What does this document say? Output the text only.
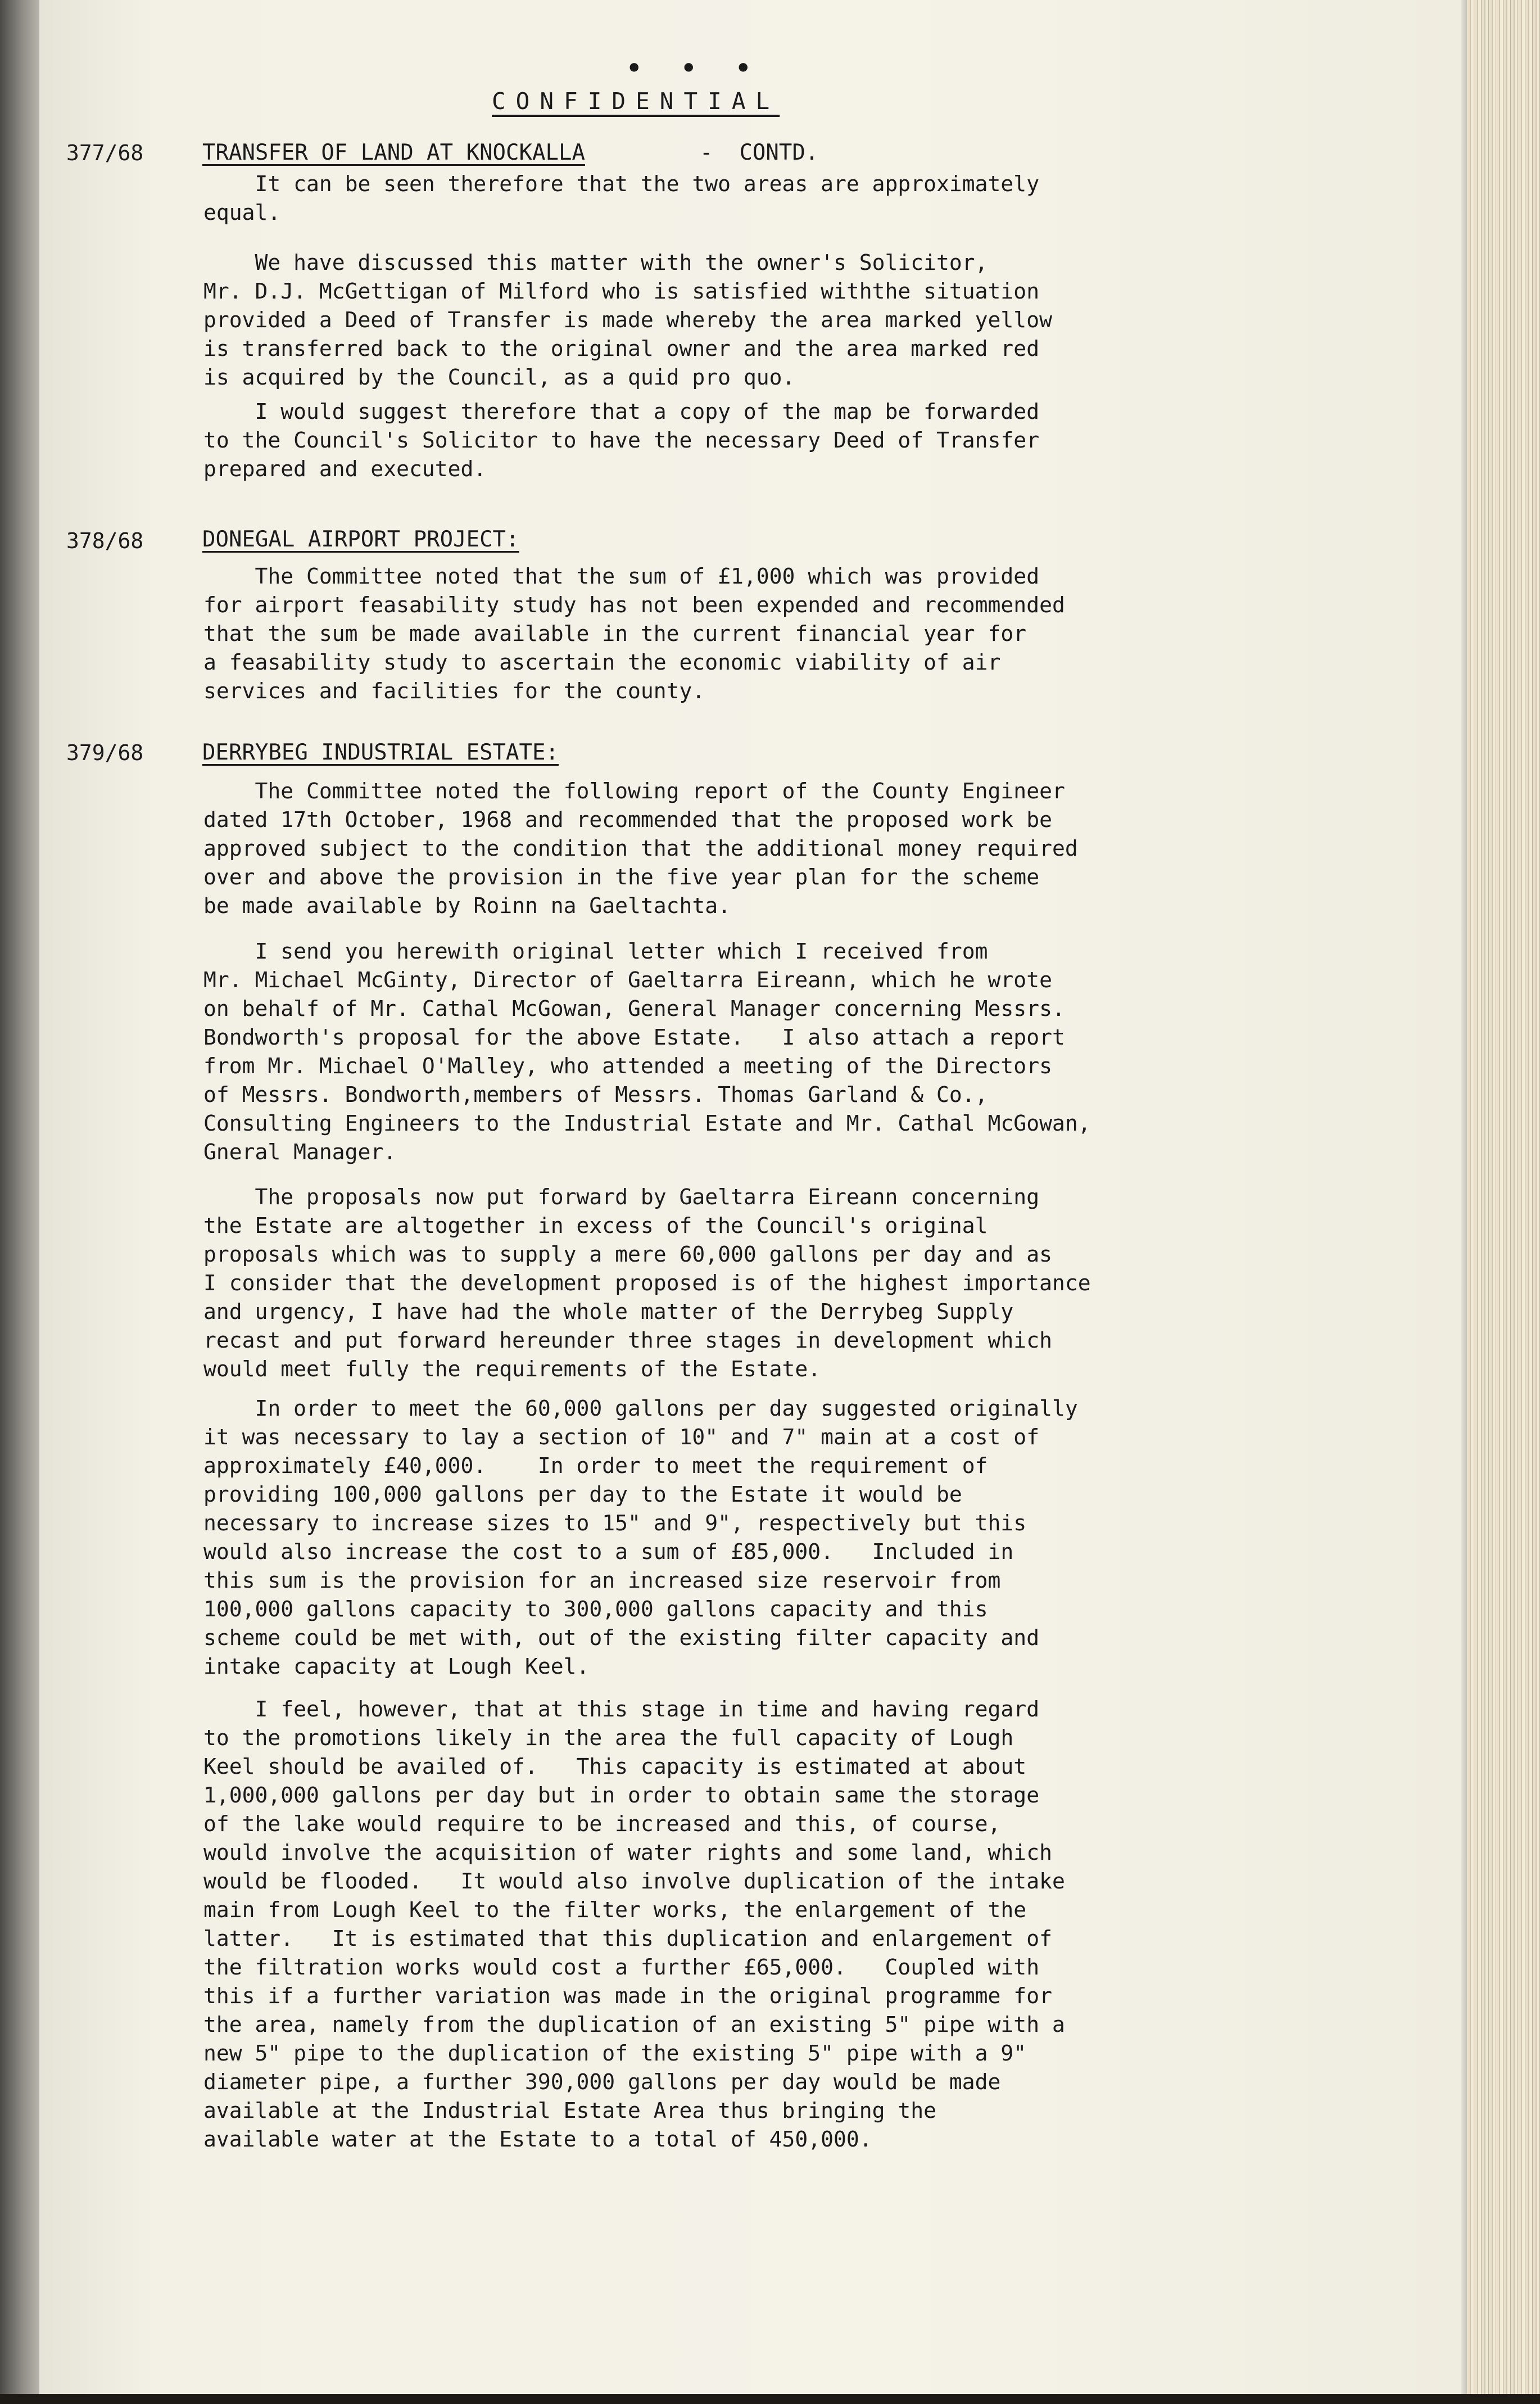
• • •
CONFIDENTIAL
377/68	TRANSFER OF LAND AT KNOCKALLA	-  CONTD.
It can be seen therefore that the two areas are approximately
equal.
We have discussed this matter with the owner's Solicitor,
Mr. D.J. McGettigan of Milford who is satisfied withthe situation
provided a Deed of Transfer is made whereby the area marked yellow
is transferred back to the original owner and the area marked red
is acquired by the Council, as a quid pro quo.
I would suggest therefore that a copy of the map be forwarded
to the Council's Solicitor to have the necessary Deed of Transfer
prepared and executed.
378/68	DONEGAL AIRPORT PROJECT:
The Committee noted that the sum of £1,000 which was provided
for airport feasability study has not been expended and recommended
that the sum be made available in the current financial year for
a feasability study to ascertain the economic viability of air
services and facilities for the county.
379/68	DERRYBEG INDUSTRIAL ESTATE:
The Committee noted the following report of the County Engineer
dated 17th October, 1968 and recommended that the proposed work be
approved subject to the condition that the additional money required
over and above the provision in the five year plan for the scheme
be made available by Roinn na Gaeltachta.
I send you herewith original letter which I received from
Mr. Michael McGinty, Director of Gaeltarra Eireann, which he wrote
on behalf of Mr. Cathal McGowan, General Manager concerning Messrs.
Bondworth's proposal for the above Estate.   I also attach a report
from Mr. Michael O'Malley, who attended a meeting of the Directors
of Messrs. Bondworth,members of Messrs. Thomas Garland & Co.,
Consulting Engineers to the Industrial Estate and Mr. Cathal McGowan,
Gneral Manager.
The proposals now put forward by Gaeltarra Eireann concerning
the Estate are altogether in excess of the Council's original
proposals which was to supply a mere 60,000 gallons per day and as
I consider that the development proposed is of the highest importance
and urgency, I have had the whole matter of the Derrybeg Supply
recast and put forward hereunder three stages in development which
would meet fully the requirements of the Estate.
In order to meet the 60,000 gallons per day suggested originally
it was necessary to lay a section of 10" and 7" main at a cost of
approximately £40,000.    In order to meet the requirement of
providing 100,000 gallons per day to the Estate it would be
necessary to increase sizes to 15" and 9", respectively but this
would also increase the cost to a sum of £85,000.   Included in
this sum is the provision for an increased size reservoir from
100,000 gallons capacity to 300,000 gallons capacity and this
scheme could be met with, out of the existing filter capacity and
intake capacity at Lough Keel.
I feel, however, that at this stage in time and having regard
to the promotions likely in the area the full capacity of Lough
Keel should be availed of.   This capacity is estimated at about
1,000,000 gallons per day but in order to obtain same the storage
of the lake would require to be increased and this, of course,
would involve the acquisition of water rights and some land, which
would be flooded.   It would also involve duplication of the intake
main from Lough Keel to the filter works, the enlargement of the
latter.   It is estimated that this duplication and enlargement of
the filtration works would cost a further £65,000.   Coupled with
this if a further variation was made in the original programme for
the area, namely from the duplication of an existing 5" pipe with a
new 5" pipe to the duplication of the existing 5" pipe with a 9"
diameter pipe, a further 390,000 gallons per day would be made
available at the Industrial Estate Area thus bringing the
available water at the Estate to a total of 450,000.
